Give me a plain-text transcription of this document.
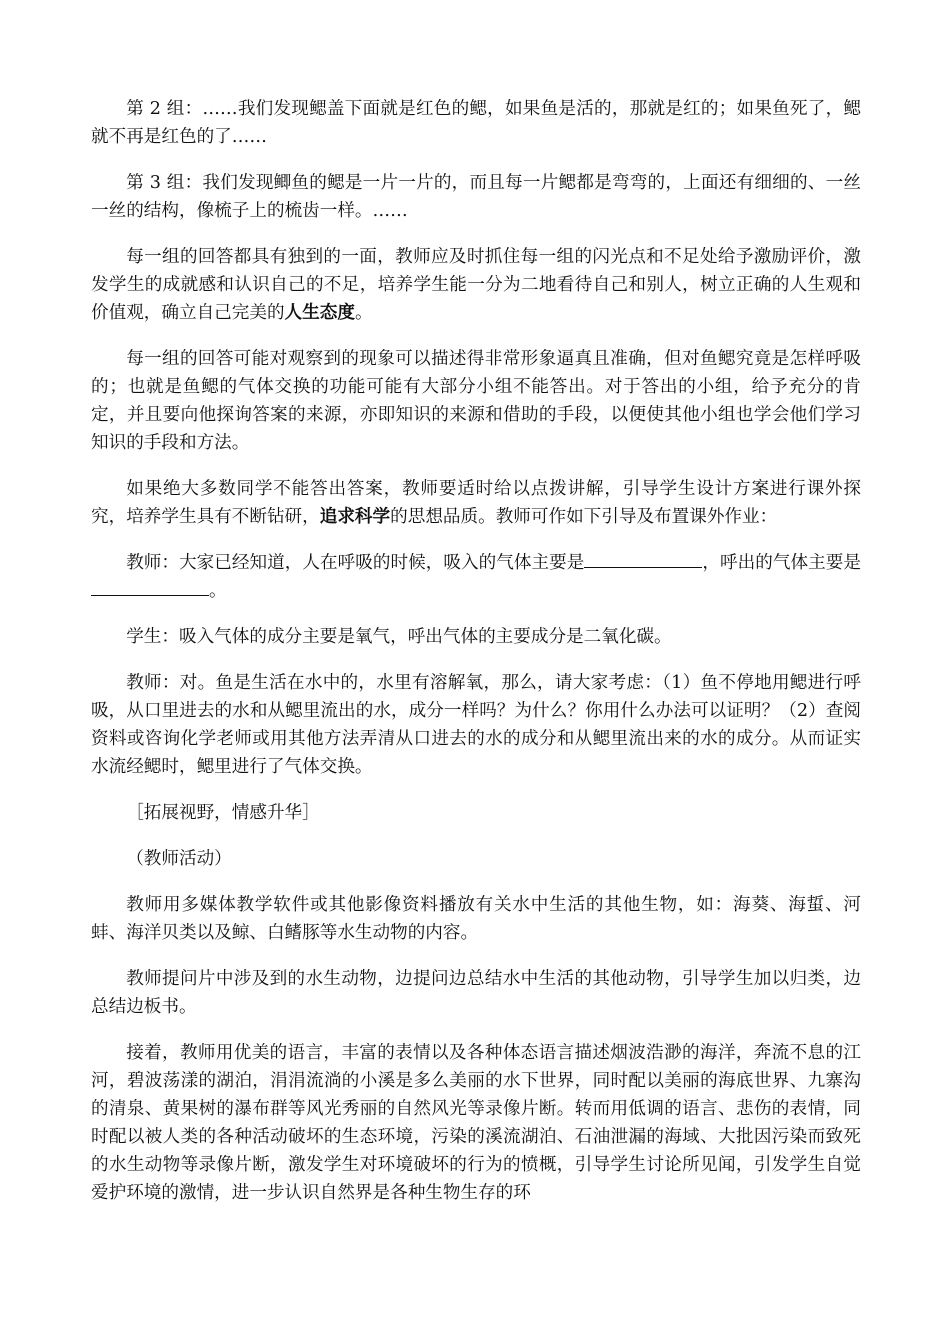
第 2 组：……我们发现鳃盖下面就是红色的鳃，如果鱼是活的，那就是红的；如果鱼死了，鳃就不再是红色的了……

第 3 组：我们发现鲫鱼的鳃是一片一片的，而且每一片鳃都是弯弯的，上面还有细细的、一丝一丝的结构，像梳子上的梳齿一样。……

每一组的回答都具有独到的一面，教师应及时抓住每一组的闪光点和不足处给予激励评价，激发学生的成就感和认识自己的不足，培养学生能一分为二地看待自己和别人，树立正确的人生观和价值观，确立自己完美的人生态度。

每一组的回答可能对观察到的现象可以描述得非常形象逼真且准确，但对鱼鳃究竟是怎样呼吸的；也就是鱼鳃的气体交换的功能可能有大部分小组不能答出。对于答出的小组，给予充分的肯定，并且要向他探询答案的来源，亦即知识的来源和借助的手段，以便使其他小组也学会他们学习知识的手段和方法。

如果绝大多数同学不能答出答案，教师要适时给以点拨讲解，引导学生设计方案进行课外探究，培养学生具有不断钻研，追求科学的思想品质。教师可作如下引导及布置课外作业：

教师：大家已经知道，人在呼吸的时候，吸入的气体主要是	，呼出的气体主要是。

学生：吸入气体的成分主要是氧气，呼出气体的主要成分是二氧化碳。

教师：对。鱼是生活在水中的，水里有溶解氧，那么，请大家考虑：（1）鱼不停地用鳃进行呼吸，从口里进去的水和从鳃里流出的水，成分一样吗？为什么？你用什么办法可以证明？（2）查阅资料或咨询化学老师或用其他方法弄清从口进去的水的成分和从鳃里流出来的水的成分。从而证实水流经鳃时，鳃里进行了气体交换。

［拓展视野，情感升华］

（教师活动）

教师用多媒体教学软件或其他影像资料播放有关水中生活的其他生物，如：海葵、海蜇、河蚌、海洋贝类以及鲸、白鳍豚等水生动物的内容。

教师提问片中涉及到的水生动物，边提问边总结水中生活的其他动物，引导学生加以归类，边总结边板书。

接着，教师用优美的语言，丰富的表情以及各种体态语言描述烟波浩渺的海洋，奔流不息的江河，碧波荡漾的湖泊，涓涓流淌的小溪是多么美丽的水下世界，同时配以美丽的海底世界、九寨沟的清泉、黄果树的瀑布群等风光秀丽的自然风光等录像片断。转而用低调的语言、悲伤的表情，同时配以被人类的各种活动破坏的生态环境，污染的溪流湖泊、石油泄漏的海域、大批因污染而致死的水生动物等录像片断，激发学生对环境破坏的行为的愤概，引导学生讨论所见闻，引发学生自觉爱护环境的激情，进一步认识自然界是各种生物生存的环
